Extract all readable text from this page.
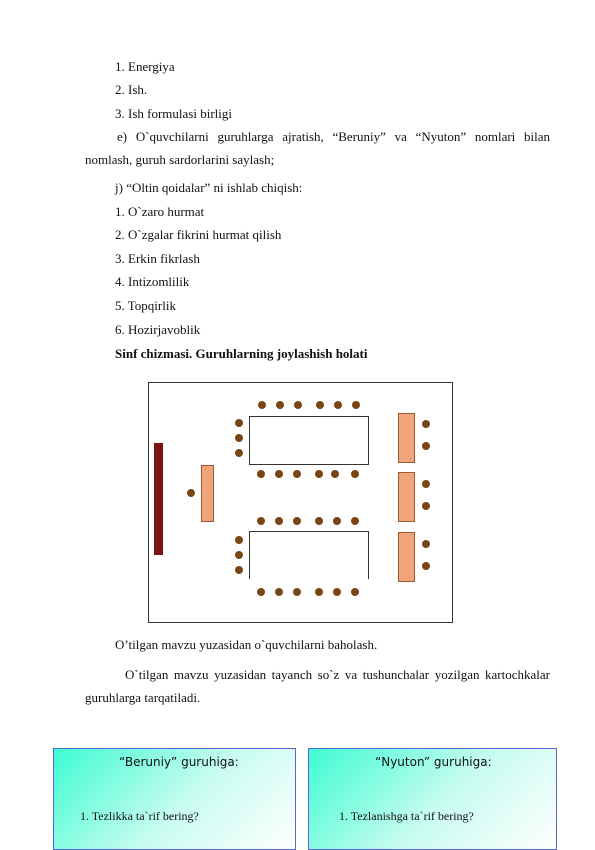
1. Energiya
2. Ish.
3. Ish formulasi birligi
e) O`quvchilarni guruhlarga ajratish, “Beruniy” va “Nyuton” nomlari bilan nomlash, guruh sardorlarini saylash;
j) “Oltin qoidalar” ni ishlab chiqish:
1. O`zaro hurmat
2. O`zgalar fikrini hurmat qilish
3. Erkin fikrlash
4. Intizomlilik
5. Topqirlik
6. Hozirjavoblik
Sinf chizmasi. Guruhlarning joylashish holati
O’tilgan mavzu yuzasidan o`quvchilarni baholash.
O`tilgan mavzu yuzasidan tayanch so`z va tushunchalar yozilgan kartochkalar guruhlarga tarqatiladi.
“Beruniy” guruhiga:
1. Tezlikka ta`rif bering?
“Nyuton” guruhiga:
1. Tezlanishga ta`rif bering?
